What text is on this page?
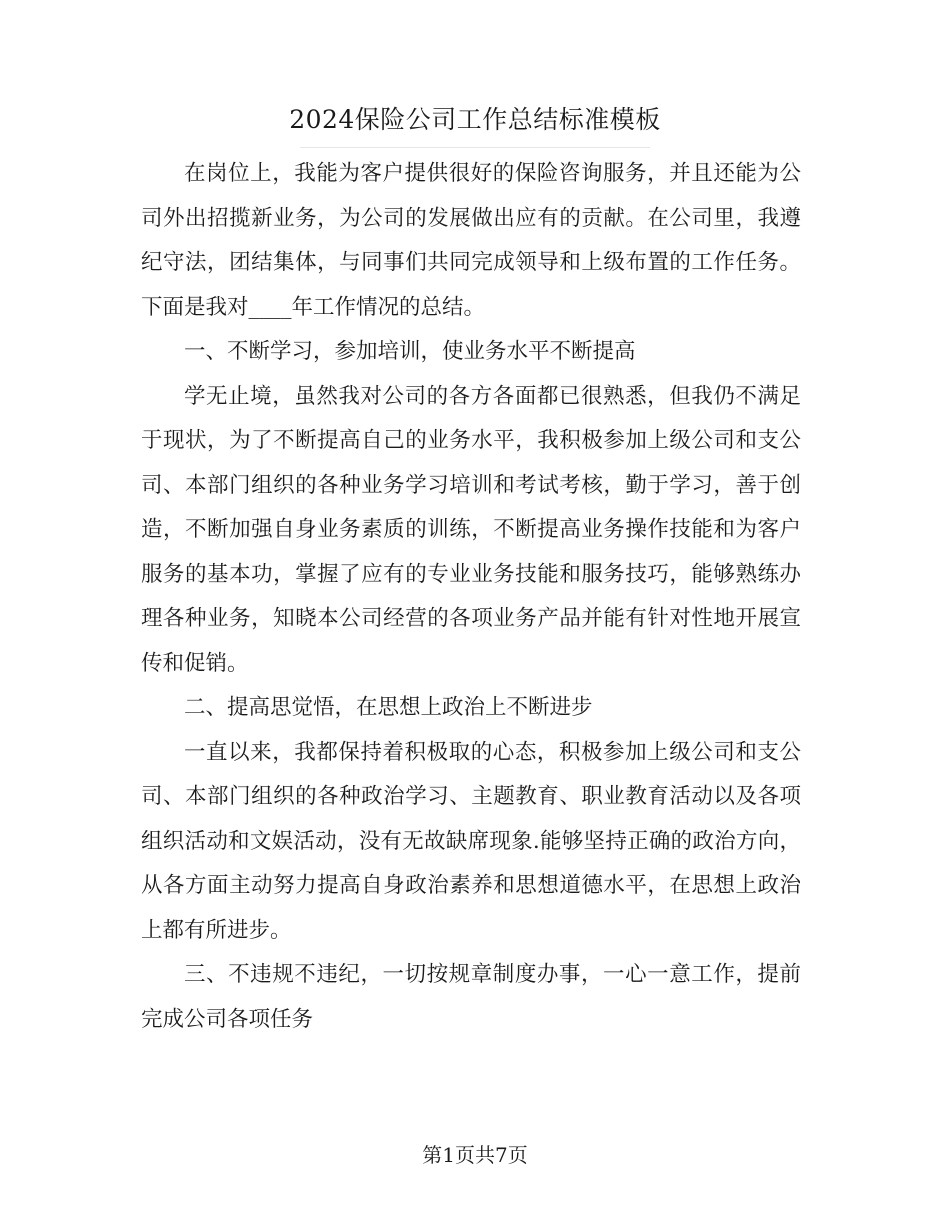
2024保险公司工作总结标准模板

在岗位上，我能为客户提供很好的保险咨询服务，并且还能为公司外出招揽新业务，为公司的发展做出应有的贡献。在公司里，我遵纪守法，团结集体，与同事们共同完成领导和上级布置的工作任务。下面是我对____年工作情况的总结。

一、不断学习，参加培训，使业务水平不断提高

学无止境，虽然我对公司的各方各面都已很熟悉，但我仍不满足于现状，为了不断提高自己的业务水平，我积极参加上级公司和支公司、本部门组织的各种业务学习培训和考试考核，勤于学习，善于创造，不断加强自身业务素质的训练，不断提高业务操作技能和为客户服务的基本功，掌握了应有的专业业务技能和服务技巧，能够熟练办理各种业务，知晓本公司经营的各项业务产品并能有针对性地开展宣传和促销。

二、提高思觉悟，在思想上政治上不断进步

一直以来，我都保持着积极取的心态，积极参加上级公司和支公司、本部门组织的各种政治学习、主题教育、职业教育活动以及各项组织活动和文娱活动，没有无故缺席现象.能够坚持正确的政治方向，从各方面主动努力提高自身政治素养和思想道德水平，在思想上政治上都有所进步。

三、不违规不违纪，一切按规章制度办事，一心一意工作，提前完成公司各项任务

第1页共7页
